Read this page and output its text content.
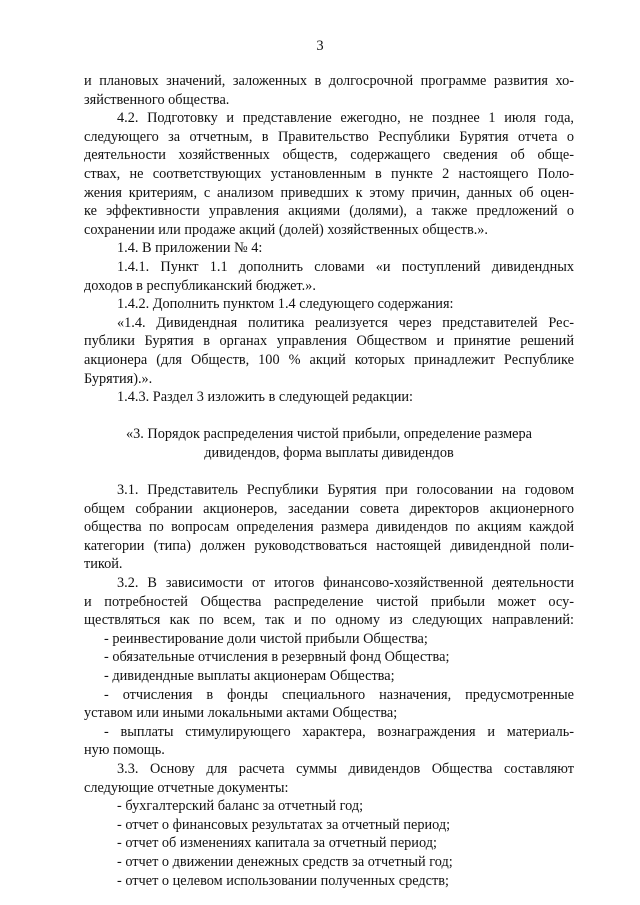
3
и плановых значений, заложенных в долгосрочной программе развития хо-
зяйственного общества.
4.2. Подготовку и представление ежегодно, не позднее 1 июля года,
следующего за отчетным, в Правительство Республики Бурятия отчета о
деятельности хозяйственных обществ, содержащего сведения об обще-
ствах, не соответствующих установленным в пункте 2 настоящего Поло-
жения критериям, с анализом приведших к этому причин, данных об оцен-
ке эффективности управления акциями (долями), а также предложений о
сохранении или продаже акций (долей) хозяйственных обществ.».
1.4. В приложении № 4:
1.4.1. Пункт 1.1 дополнить словами «и поступлений дивидендных
доходов в республиканский бюджет.».
1.4.2. Дополнить пунктом 1.4 следующего содержания:
«1.4. Дивидендная политика реализуется через представителей Рес-
публики Бурятия в органах управления Обществом и принятие решений
акционера (для Обществ, 100 % акций которых принадлежит Республике
Бурятия).».
1.4.3. Раздел 3 изложить в следующей редакции:
«3. Порядок распределения чистой прибыли, определение размера
дивидендов, форма выплаты дивидендов
3.1. Представитель Республики Бурятия при голосовании на годовом
общем собрании акционеров, заседании совета директоров акционерного
общества по вопросам определения размера дивидендов по акциям каждой
категории (типа) должен руководствоваться настоящей дивидендной поли-
тикой.
3.2. В зависимости от итогов финансово-хозяйственной деятельности
и потребностей Общества распределение чистой прибыли может осу-
ществляться как по всем, так и по одному из следующих направлений:
- реинвестирование доли чистой прибыли Общества;
- обязательные отчисления в резервный фонд Общества;
- дивидендные выплаты акционерам Общества;
- отчисления в фонды специального назначения, предусмотренные
уставом или иными локальными актами Общества;
- выплаты стимулирующего характера, вознаграждения и материаль-
ную помощь.
3.3. Основу для расчета суммы дивидендов Общества составляют
следующие отчетные документы:
- бухгалтерский баланс за отчетный год;
- отчет о финансовых результатах за отчетный период;
- отчет об изменениях капитала за отчетный период;
- отчет о движении денежных средств за отчетный год;
- отчет о целевом использовании полученных средств;
